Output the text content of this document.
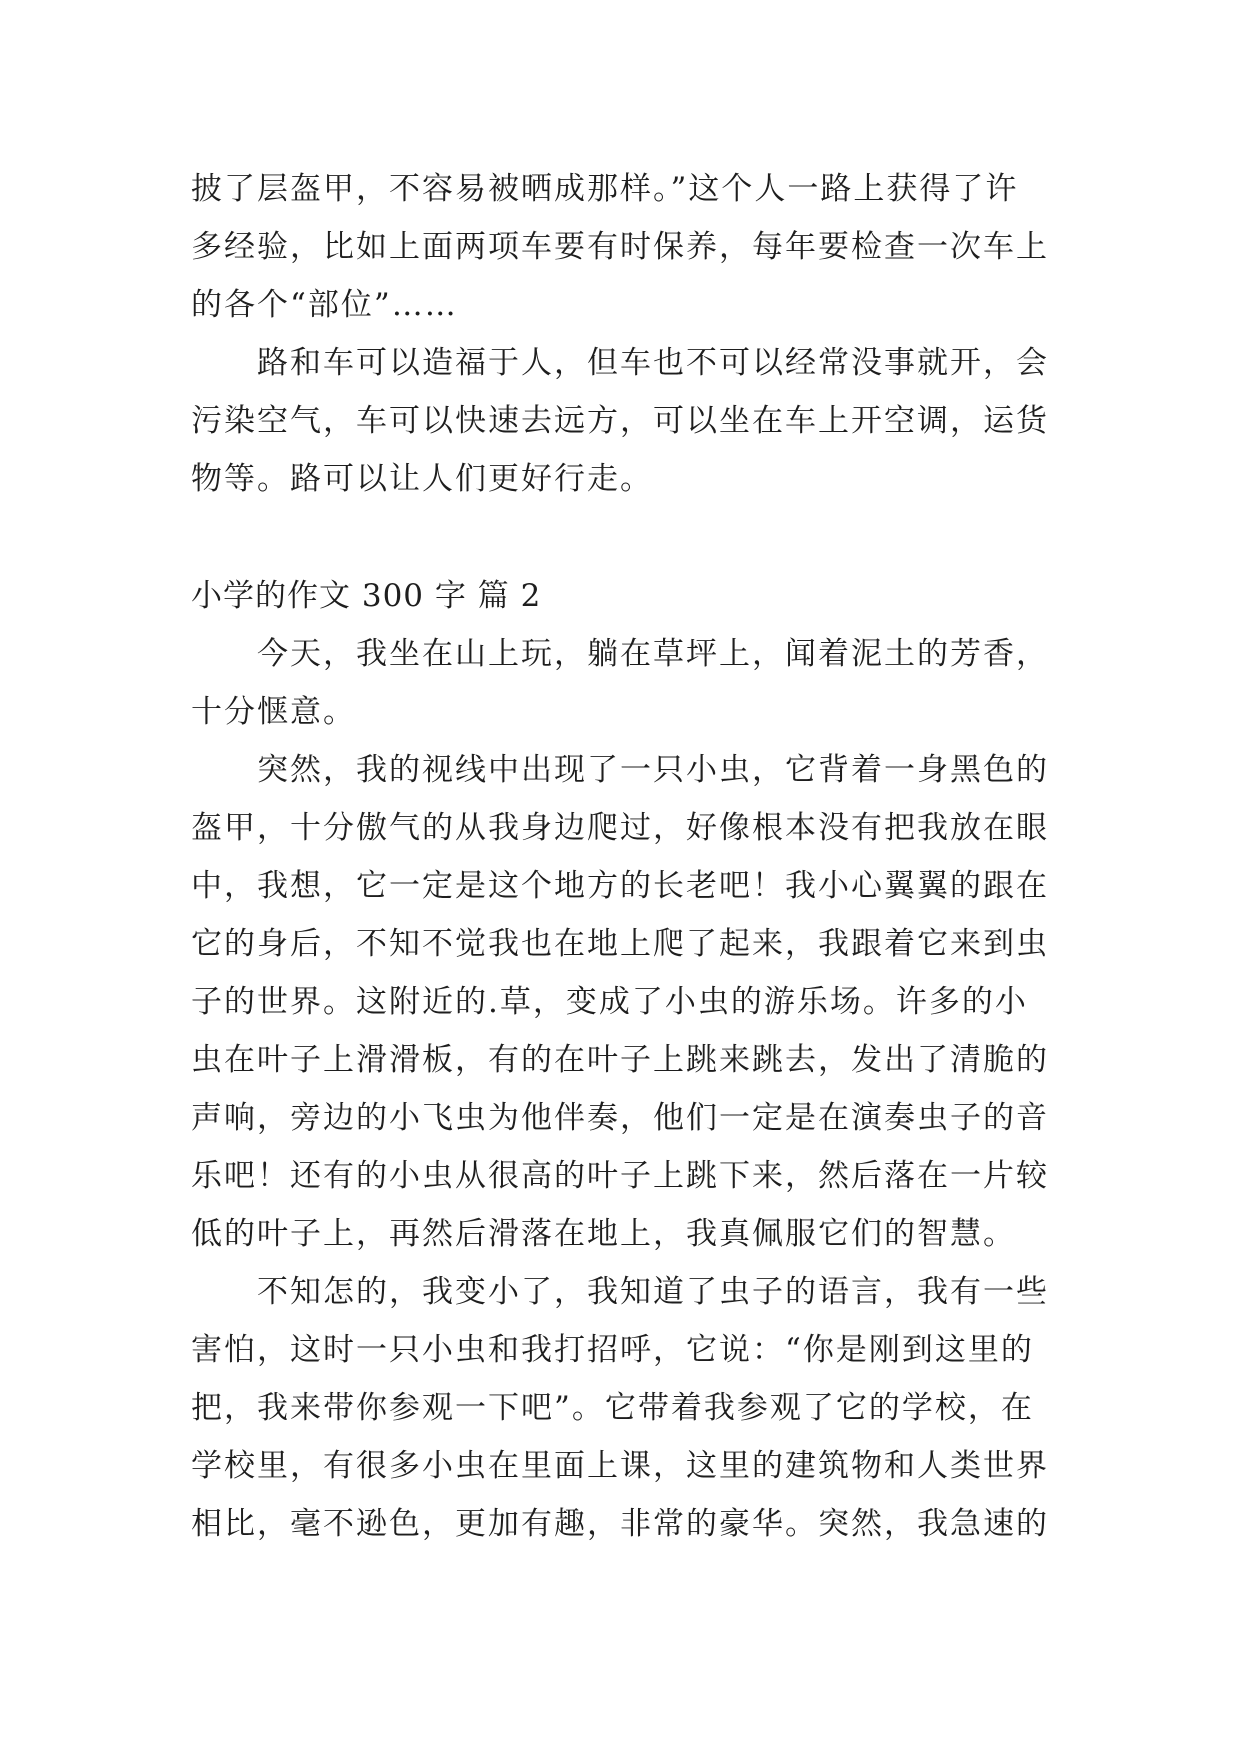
披了层盔甲，不容易被晒成那样。”这个人一路上获得了许
多经验，比如上面两项车要有时保养，每年要检查一次车上
的各个“部位”……
路和车可以造福于人，但车也不可以经常没事就开，会
污染空气，车可以快速去远方，可以坐在车上开空调，运货
物等。路可以让人们更好行走。
小学的作文 300 字 篇 2
今天，我坐在山上玩，躺在草坪上，闻着泥土的芳香，
十分惬意。
突然，我的视线中出现了一只小虫，它背着一身黑色的
盔甲，十分傲气的从我身边爬过，好像根本没有把我放在眼
中，我想，它一定是这个地方的长老吧！我小心翼翼的跟在
它的身后，不知不觉我也在地上爬了起来，我跟着它来到虫
子的世界。这附近的.草，变成了小虫的游乐场。许多的小
虫在叶子上滑滑板，有的在叶子上跳来跳去，发出了清脆的
声响，旁边的小飞虫为他伴奏，他们一定是在演奏虫子的音
乐吧！还有的小虫从很高的叶子上跳下来，然后落在一片较
低的叶子上，再然后滑落在地上，我真佩服它们的智慧。
不知怎的，我变小了，我知道了虫子的语言，我有一些
害怕，这时一只小虫和我打招呼，它说：“你是刚到这里的
把，我来带你参观一下吧”。它带着我参观了它的学校，在
学校里，有很多小虫在里面上课，这里的建筑物和人类世界
相比，毫不逊色，更加有趣，非常的豪华。突然，我急速的
